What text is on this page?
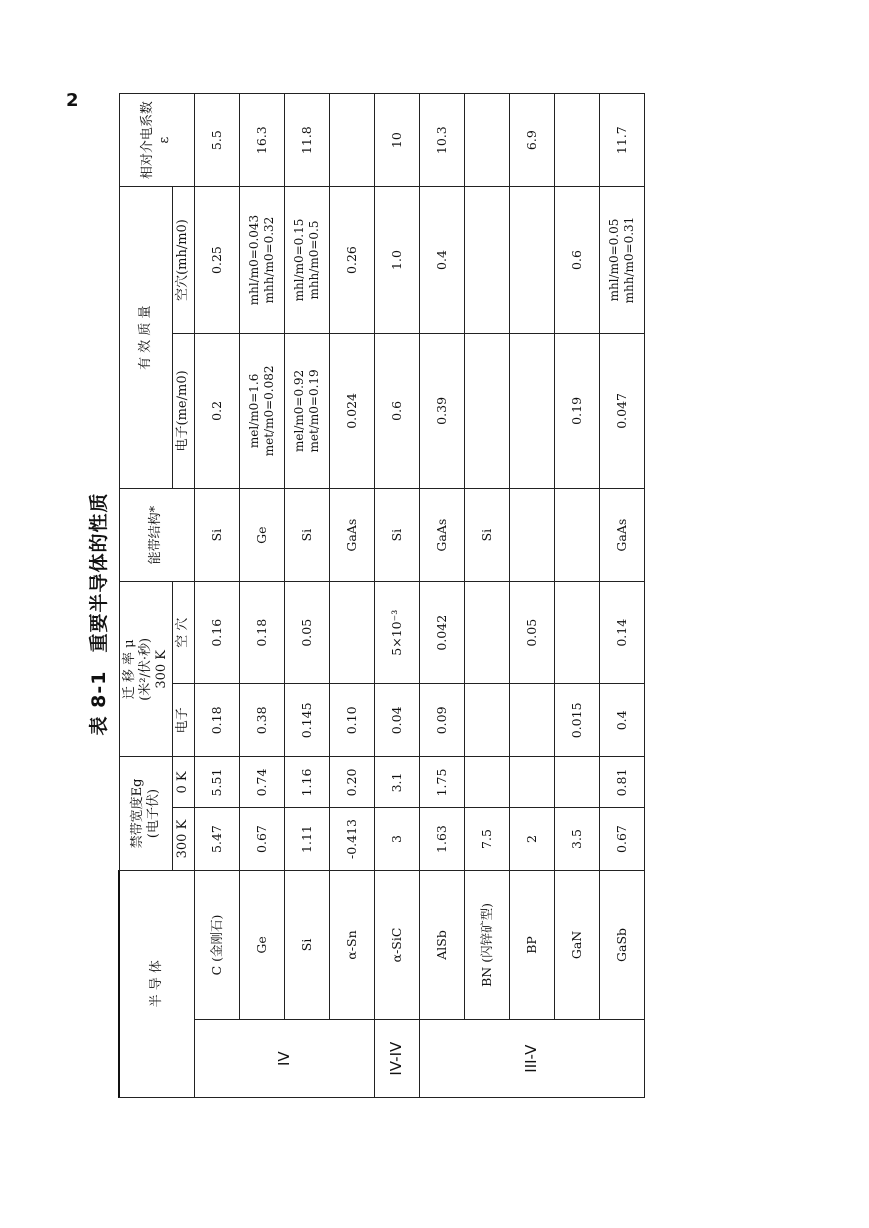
2
表 8-1重要半导体的性质
半 导 体		禁带宽度Eg (电子伏)		迁 移 率 μ (米²/伏·秒) 300 K		能带结构*	有 效 质 量		相对介电系数 ε

		300 K	0 K	电子	空 穴		电子(me/m0)	空穴(mh/m0)	
IV	C (金刚石)	5.47	5.51	0.18	0.16	Si	0.2	0.25	5.5
	Ge	0.67	0.74	0.38	0.18	Ge	mel/m0=1.6 met/m0=0.082	mhl/m0=0.043 mhh/m0=0.32	16.3
	Si	1.11	1.16	0.145	0.05	Si	mel/m0=0.92 met/m0=0.19	mhl/m0=0.15 mhh/m0=0.5	11.8
	α-Sn	-0.413	0.20	0.10		GaAs	0.024	0.26	

IV-IV	α-SiC	3	3.1	0.04	5×10⁻³	Si	0.6	1.0	10
III-V	AlSb	1.63	1.75	0.09	0.042	GaAs	0.39	0.4	10.3
	BN (闪锌矿型)	7.5				Si	

	BP	2			0.05				6.9
	GaN	3.5		0.015			0.19	0.6	

	GaSb	0.67	0.81	0.4	0.14	GaAs	0.047	mhl/m0=0.05 mhh/m0=0.31	11.7
